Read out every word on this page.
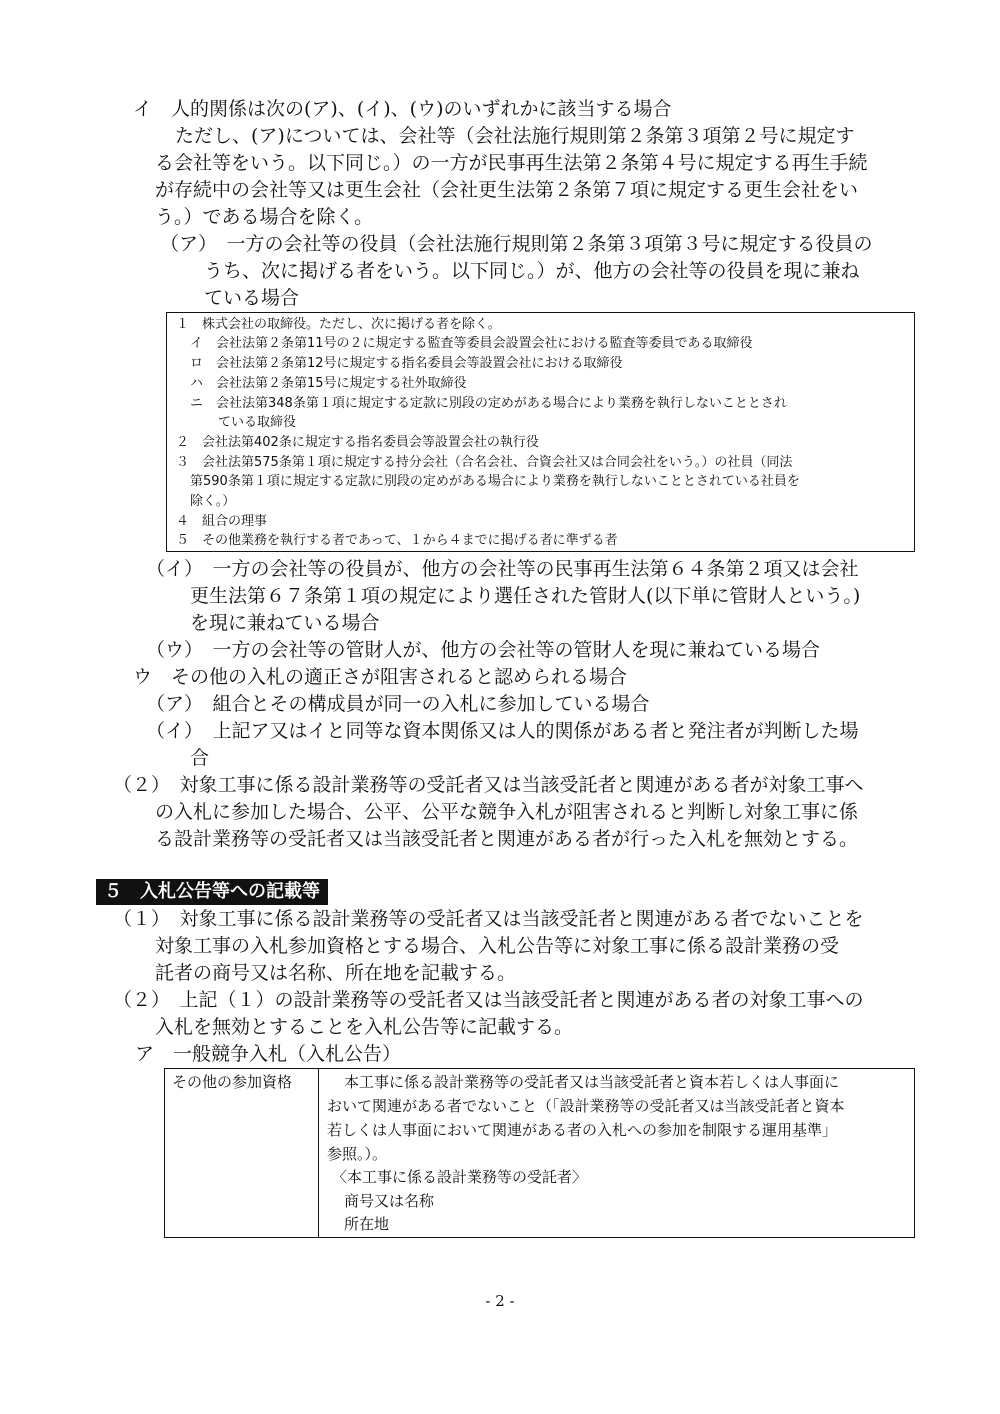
イ　人的関係は次の(ア)、(イ)、(ウ)のいずれかに該当する場合
ただし、(ア)については、会社等（会社法施行規則第２条第３項第２号に規定す
る会社等をいう。以下同じ。）の一方が民事再生法第２条第４号に規定する再生手続
が存続中の会社等又は更生会社（会社更生法第２条第７項に規定する更生会社をい
う。）である場合を除く。
（ア）　一方の会社等の役員（会社法施行規則第２条第３項第３号に規定する役員の
うち、次に掲げる者をいう。以下同じ。）が、他方の会社等の役員を現に兼ね
ている場合
１　株式会社の取締役。ただし、次に掲げる者を除く。
イ　会社法第２条第11号の２に規定する監査等委員会設置会社における監査等委員である取締役
ロ　会社法第２条第12号に規定する指名委員会等設置会社における取締役
ハ　会社法第２条第15号に規定する社外取締役
ニ　会社法第348条第１項に規定する定款に別段の定めがある場合により業務を執行しないこととされ
ている取締役
２　会社法第402条に規定する指名委員会等設置会社の執行役
３　会社法第575条第１項に規定する持分会社（合名会社、合資会社又は合同会社をいう。）の社員（同法
第590条第１項に規定する定款に別段の定めがある場合により業務を執行しないこととされている社員を
除く。）
４　組合の理事
５　その他業務を執行する者であって、１から４までに掲げる者に準ずる者
（イ）　一方の会社等の役員が、他方の会社等の民事再生法第６４条第２項又は会社
更生法第６７条第１項の規定により選任された管財人(以下単に管財人という。)
を現に兼ねている場合
（ウ）　一方の会社等の管財人が、他方の会社等の管財人を現に兼ねている場合
ウ　その他の入札の適正さが阻害されると認められる場合
（ア）　組合とその構成員が同一の入札に参加している場合
（イ）　上記ア又はイと同等な資本関係又は人的関係がある者と発注者が判断した場
合
（２）　対象工事に係る設計業務等の受託者又は当該受託者と関連がある者が対象工事へ
の入札に参加した場合、公平、公平な競争入札が阻害されると判断し対象工事に係
る設計業務等の受託者又は当該受託者と関連がある者が行った入札を無効とする。
５　入札公告等への記載等
（１）　対象工事に係る設計業務等の受託者又は当該受託者と関連がある者でないことを
対象工事の入札参加資格とする場合、入札公告等に対象工事に係る設計業務の受
託者の商号又は名称、所在地を記載する。
（２）　上記（１）の設計業務等の受託者又は当該受託者と関連がある者の対象工事への
入札を無効とすることを入札公告等に記載する。
ア　一般競争入札（入札公告）
その他の参加資格	本工事に係る設計業務等の受託者又は当該受託者と資本若しくは人事面に
おいて関連がある者でないこと（「設計業務等の受託者又は当該受託者と資本
若しくは人事面において関連がある者の入札への参加を制限する運用基準」
参照。）。
〈本工事に係る設計業務等の受託者〉
商号又は名称
所在地
- 2 -
